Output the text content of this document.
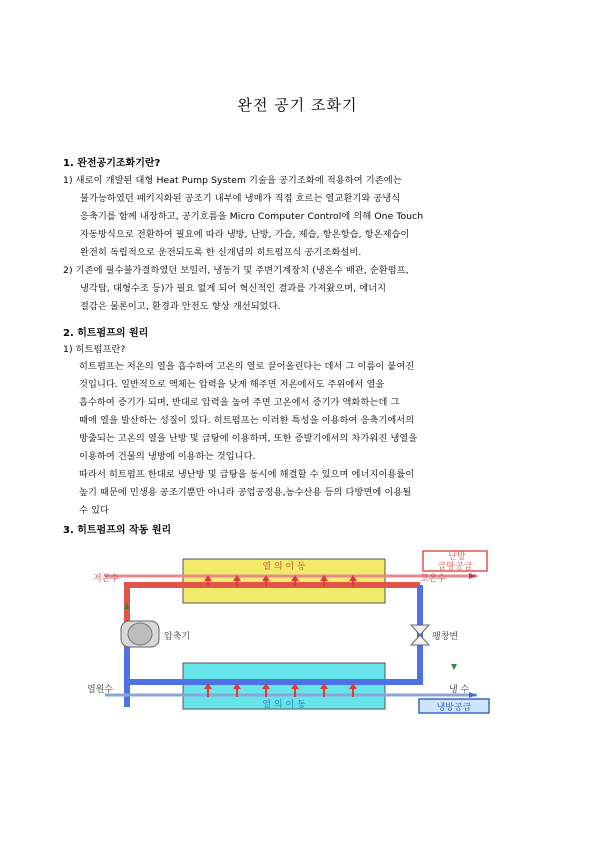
완전 공기 조화기
1. 완전공기조화기란?
1) 새로이 개발된 대형 Heat Pump System 기술을 공기조화에 적용하여 기존에는
불가능하였던 패키지화된 공조기 내부에 냉매가 직접 흐르는 열교환기와 공냉식
응축기를 함께 내장하고, 공기흐름을 Micro Computer Control에 의해 One Touch
자동방식으로 전환하여 필요에 따라 냉방, 난방, 가습, 제습, 항온항습, 항온제습이
완전히 독립적으로 운전되도록 한 신개념의 히트펌프식 공기조화설비.
2) 기존에 필수불가결하였던 보일러, 냉동기 및 주변기계장치 (냉온수 배관, 순환펌프,
냉각탑, 대형수조 등)가 필요 없게 되어 혁신적인 결과를 가져왔으며, 에너지
절감은 물론이고, 환경과 안전도 향상 개선되었다.
2. 히트펌프의 원리
1) 히트펌프란?
히트펌프는 저온의 열을 흡수하여 고온의 열로 끌어올린다는 데서 그 이름이 붙여진
것입니다. 일반적으로 액체는 압력을 낮게 해주면 저온에서도 주위에서 열을
흡수하여 증기가 되며, 반대로 압력을 높여 주면 고온에서 증기가 액화하는데 그
때에 열을 발산하는 성질이 있다. 히트펌프는 이러한 특성을 이용하여 응축기에서의
방출되는 고온의 열을 난방 및 급탕에 이용하며, 또한 증발기에서의 차가워진 냉열을
이용하여 건물의 냉방에 이용하는 것입니다.
따라서 히트펌프 한대로 냉난방 및 급탕을 동시에 해결할 수 있으며 에너지이용률이
높기 때문에 민생용 공조기뿐만 아니라 공업공정용,농수산용 등의 다방면에 이용될
수 있다
3. 히트펌프의 작동 원리
열 의 이 동
열 의 이 동
저온수	고온수
열원수	냉 수
압축기	팽창변
난방
급탕공급
냉방공급
